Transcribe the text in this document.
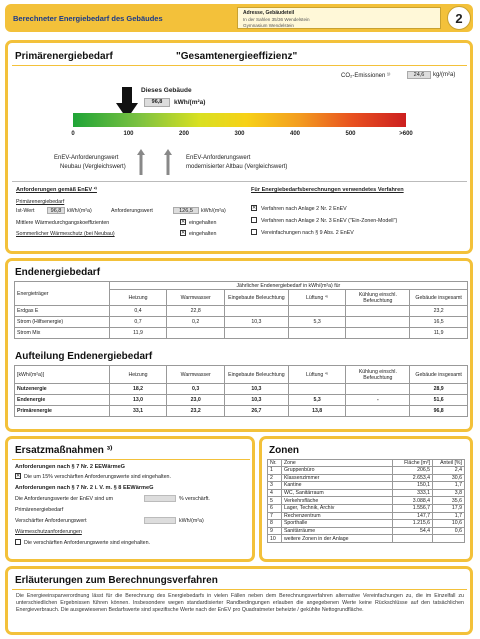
Berechneter Energiebedarf des Gebäudes
Adresse, Gebäudeteil
In der Sahlen 35/36 Wendelstein
Gymnasium Wendelstein	2
Primärenergiebedarf	"Gesamtenergieeffizienz"
CO₂-Emissionen ¹⁾	24,6	kg/(m²a)
Dieses Gebäude
96,8	kWh/(m²a)
0	100	200	300	400	500	>600
EnEV-Anforderungswert
Neubau (Vergleichswert)
EnEV-Anforderungswert
modernisierter Altbau (Vergleichswert)
Anforderungen gemäß EnEV ²⁾
Primärenergiebedarf
Ist-Wert	96,8	kWh/(m²a)	Anforderungswert	126,5	kWh/(m²a)
Mittlere Wärmedurchgangskoeffizienten	✕ eingehalten
Sommerlicher Wärmeschutz (bei Neubau)	✕ eingehalten
Für Energiebedarfsberechnungen verwendetes Verfahren
✕ Verfahren nach Anlage 2 Nr. 2 EnEV
Verfahren nach Anlage 2 Nr. 3 EnEV ("Ein-Zonen-Modell")
Vereinfachungen nach § 9 Abs. 2 EnEV
Endenergiebedarf
Energieträger	Jährlicher Endenergiebedarf in kWh/(m²a) für					
	Heizung	Warmwasser	Eingebaute Beleuchtung	Lüftung ⁴⁾	Kühlung einschl. Befeuchtung	Gebäude insgesamt
Erdgas E	0,4	22,8				23,2
Strom (Hilfsenergie)	0,7	0,2	10,3	5,3		16,5
Strom Mix	11,9					11,9
Aufteilung Endenergiebedarf
[kWh/(m²a)]	Heizung	Warmwasser	Eingebaute Beleuchtung	Lüftung ⁴⁾	Kühlung einschl. Befeuchtung	Gebäude insgesamt
Nutzenergie	18,2	0,3	10,3			28,9
Endenergie	13,0	23,0	10,3	5,3	-	51,6
Primärenergie	33,1	23,2	26,7	13,8		96,8
Ersatzmaßnahmen ³⁾
Anforderungen nach § 7 Nr. 2 EEWärmeG
✕ Die um 15% verschärften Anforderungswerte sind eingehalten.
Anforderungen nach § 7 Nr. 2 i. V. m. § 8 EEWärmeG
Die Anforderungswerte der EnEV sind um	% verschärft.
Primärenergiebedarf
Verschärfter Anforderungswert	kWh/(m²a)
Wärmeschutzanforderungen
Die verschärften Anforderungswerte sind eingehalten.
Zonen
Nr.	Zone	Fläche [m²]	Anteil [%]
1	Gruppenbüro	206,5	2,4
2	Klassenzimmer	2.653,4	30,6
3	Kantine	150,1	1,7
4	WC, Sanitärraum	333,1	3,8
5	Verkehrsfläche	3.088,4	35,6
6	Lager, Technik, Archiv	1.556,7	17,9
7	Rechenzentrum	147,7	1,7
8	Sporthalle	1.215,6	10,6
9	Sanitärräume	54,4	0,6
10	weitere Zonen in der Anlage		
Erläuterungen zum Berechnungsverfahren
Die Energieeinsparverordnung lässt für die Berechnung des Energiebedarfs in vielen Fällen neben dem Berechnungsverfahren alternative Vereinfachungen zu, die im Einzelfall zu unterschiedlichen Ergebnissen führen können. Insbesondere wegen standardisierter Randbedingungen erlauben die angegebenen Werte keine Rückschlüsse auf den tatsächlichen Energieverbrauch. Die ausgewiesenen Bedarfswerte sind spezifische Werte nach der EnEV pro Quadratmeter beheizte / gekühlte Nettogrundfläche.
